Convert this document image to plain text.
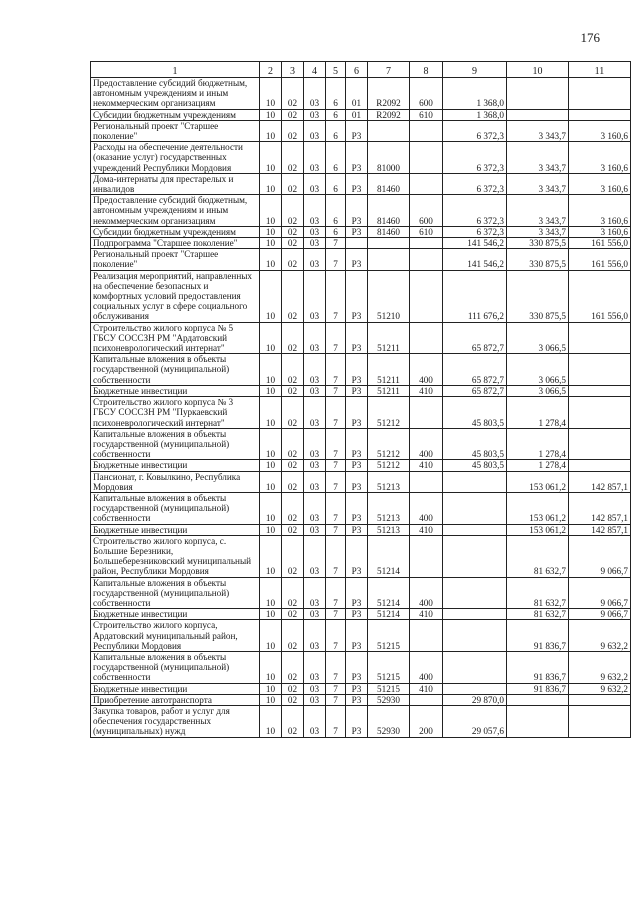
176
1	2	3	4	5	6	7	8	9	10	11
Предоставление субсидий бюджетным, автономным учреждениям и иным некоммерческим организациям	10	02	03	6	01	R2092	600	1 368,0		
Субсидии бюджетным учреждениям	10	02	03	6	01	R2092	610	1 368,0		
Региональный проект "Старшее поколение"	10	02	03	6	P3			6 372,3	3 343,7	3 160,6
Расходы на обеспечение деятельности (оказание услуг) государственных учреждений Республики Мордовия	10	02	03	6	P3	81000		6 372,3	3 343,7	3 160,6
Дома-интернаты для престарелых и инвалидов	10	02	03	6	P3	81460		6 372,3	3 343,7	3 160,6
Предоставление субсидий бюджетным, автономным учреждениям и иным некоммерческим организациям	10	02	03	6	P3	81460	600	6 372,3	3 343,7	3 160,6
Субсидии бюджетным учреждениям	10	02	03	6	P3	81460	610	6 372,3	3 343,7	3 160,6
Подпрограмма "Старшее поколение"	10	02	03	7				141 546,2	330 875,5	161 556,0
Региональный проект "Старшее поколение"	10	02	03	7	P3			141 546,2	330 875,5	161 556,0
Реализация мероприятий, направленных на обеспечение безопасных и комфортных условий предоставления социальных услуг в сфере социального обслуживания	10	02	03	7	P3	51210		111 676,2	330 875,5	161 556,0
Строительство жилого корпуса № 5 ГБСУ СОССЗН РМ "Ардатовский психоневрологический интернат"	10	02	03	7	P3	51211		65 872,7	3 066,5	
Капитальные вложения в объекты государственной (муниципальной) собственности	10	02	03	7	P3	51211	400	65 872,7	3 066,5	
Бюджетные инвестиции	10	02	03	7	P3	51211	410	65 872,7	3 066,5	
Строительство жилого корпуса № 3 ГБСУ СОССЗН РМ "Пуркаевский психоневрологический интернат"	10	02	03	7	P3	51212		45 803,5	1 278,4	
Капитальные вложения в объекты государственной (муниципальной) собственности	10	02	03	7	P3	51212	400	45 803,5	1 278,4	
Бюджетные инвестиции	10	02	03	7	P3	51212	410	45 803,5	1 278,4	
Пансионат, г. Ковылкино, Республика Мордовия	10	02	03	7	P3	51213			153 061,2	142 857,1
Капитальные вложения в объекты государственной (муниципальной) собственности	10	02	03	7	P3	51213	400		153 061,2	142 857,1
Бюджетные инвестиции	10	02	03	7	P3	51213	410		153 061,2	142 857,1
Строительство жилого корпуса, с. Большие Березники, Большеберезниковский муниципальный район, Республики Мордовия	10	02	03	7	P3	51214			81 632,7	9 066,7
Капитальные вложения в объекты государственной (муниципальной) собственности	10	02	03	7	P3	51214	400		81 632,7	9 066,7
Бюджетные инвестиции	10	02	03	7	P3	51214	410		81 632,7	9 066,7
Строительство жилого корпуса, Ардатовский муниципальный район, Республики Мордовия	10	02	03	7	P3	51215			91 836,7	9 632,2
Капитальные вложения в объекты государственной (муниципальной) собственности	10	02	03	7	P3	51215	400		91 836,7	9 632,2
Бюджетные инвестиции	10	02	03	7	P3	51215	410		91 836,7	9 632,2
Приобретение автотранспорта	10	02	03	7	P3	52930		29 870,0		
Закупка товаров, работ и услуг для обеспечения государственных (муниципальных) нужд	10	02	03	7	P3	52930	200	29 057,6		
